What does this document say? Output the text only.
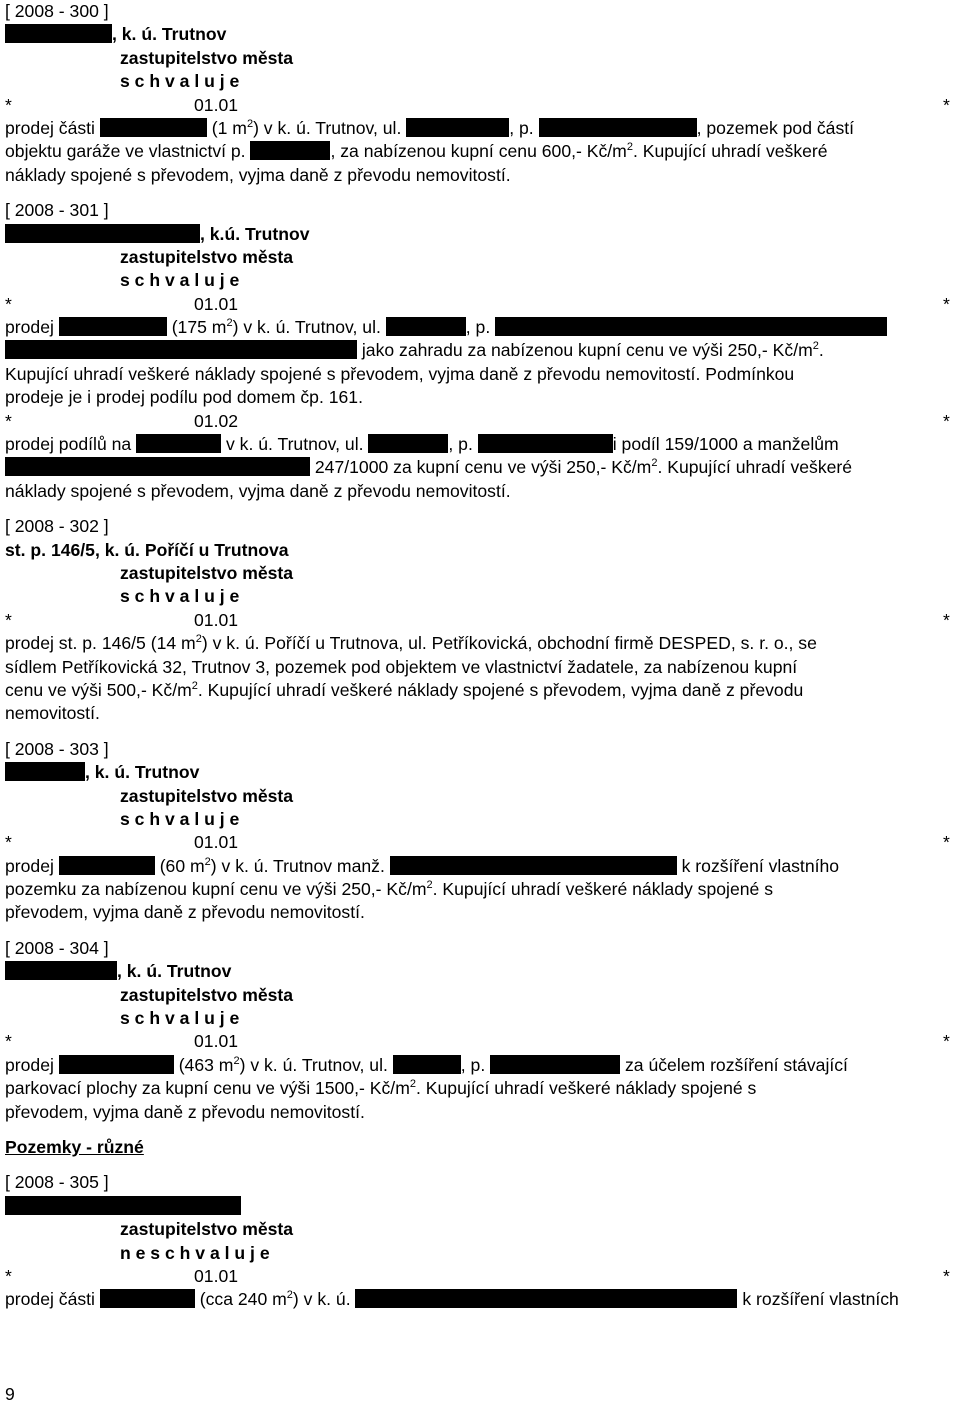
[ 2008 - 300 ]
, k. ú. Trutnov
zastupitelstvo města
s c h v a l u j e
*	01.01	*
prodej části	(1 $m^2$) v k. ú. Trutnov, ul.	, p.	, pozemek pod částí
objektu garáže ve vlastnictví p.	, za nabízenou kupní cenu 600,- $Kč/m^2$. Kupující uhradí veškeré
náklady spojené s převodem, vyjma daně z převodu nemovitostí.
[ 2008 - 301 ]
, k.ú. Trutnov
zastupitelstvo města
s c h v a l u j e
*	01.01	*
prodej	(175 $m^2$) v k. ú. Trutnov, ul.	, p.
jako zahradu za nabízenou kupní cenu ve výši 250,- $Kč/m^2$.
Kupující uhradí veškeré náklady spojené s převodem, vyjma daně z převodu nemovitostí. Podmínkou
prodeje je i prodej podílu pod domem čp. 161.
*	01.02	*
prodej podílů na	v k. ú. Trutnov, ul.	, p.	i podíl 159/1000 a manželům
247/1000 za kupní cenu ve výši 250,- $Kč/m^2$. Kupující uhradí veškeré
náklady spojené s převodem, vyjma daně z převodu nemovitostí.
[ 2008 - 302 ]
st. p. 146/5, k. ú. Poříčí u Trutnova
zastupitelstvo města
s c h v a l u j e
*	01.01	*
prodej st. p. 146/5 (14 $m^2$) v k. ú. Poříčí u Trutnova, ul. Petříkovická, obchodní firmě DESPED, s. r. o., se
sídlem Petříkovická 32, Trutnov 3, pozemek pod objektem ve vlastnictví žadatele, za nabízenou kupní
cenu ve výši 500,- $Kč/m^2$. Kupující uhradí veškeré náklady spojené s převodem, vyjma daně z převodu
nemovitostí.
[ 2008 - 303 ]
, k. ú. Trutnov
zastupitelstvo města
s c h v a l u j e
*	01.01	*
prodej	(60 $m^2$) v k. ú. Trutnov manž.	k rozšíření vlastního
pozemku za nabízenou kupní cenu ve výši 250,- $Kč/m^2$. Kupující uhradí veškeré náklady spojené s
převodem, vyjma daně z převodu nemovitostí.
[ 2008 - 304 ]
, k. ú. Trutnov
zastupitelstvo města
s c h v a l u j e
*	01.01	*
prodej	(463 $m^2$) v k. ú. Trutnov, ul.	, p.	za účelem rozšíření stávající
parkovací plochy za kupní cenu ve výši 1500,- $Kč/m^2$. Kupující uhradí veškeré náklady spojené s
převodem, vyjma daně z převodu nemovitostí.
Pozemky - různé
[ 2008 - 305 ]
zastupitelstvo města
n e s c h v a l u j e
*	01.01	*
prodej části	(cca 240 $m^2$) v k. ú.	k rozšíření vlastních
9
